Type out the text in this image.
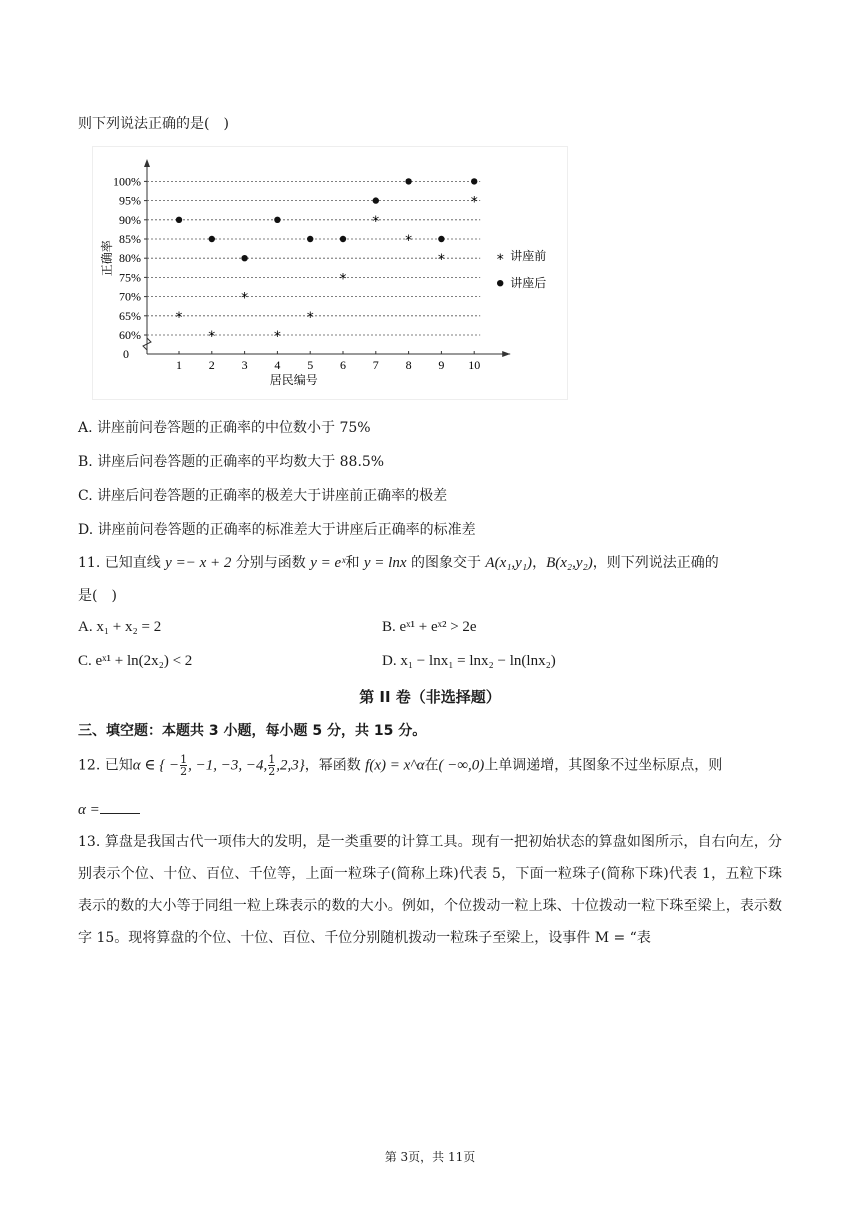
则下列说法正确的是(　)
0
60%
65%
70%
75%
80%
85%
90%
95%
100%
1 2 3 4 5 6 7 8 9 10
居民编号
正确率
*
*
*
*
*
*
*
*
*
*
* 讲座前
讲座后
A. 讲座前问卷答题的正确率的中位数小于 75%
B. 讲座后问卷答题的正确率的平均数大于 88.5%
C. 讲座后问卷答题的正确率的极差大于讲座前正确率的极差
D. 讲座前问卷答题的正确率的标准差大于讲座后正确率的标准差
11. 已知直线 y =− x + 2 分别与函数 y = eˣ和 y = lnx 的图象交于 A(x₁,y₁)，B(x₂,y₂)，则下列说法正确的
是(　)
A. x₁ + x₂ = 2	B. eˣ¹ + eˣ² > 2e
C. eˣ¹ + ln(2x₂) < 2	D. x₁ − lnx₁ = lnx₂ − ln(lnx₂)
第 II 卷（非选择题）
三、填空题：本题共 3 小题，每小题 5 分，共 15 分。
12. 已知α ∈ { − $\frac{1}{2}$ , −1, −3, −4, $\frac{1}{2} ,2,3$}，幂函数 f(x) = x^α在( −∞,0)上单调递增，其图象不过坐标原点，则
α =
13. 算盘是我国古代一项伟大的发明，是一类重要的计算工具。现有一把初始状态的算盘如图所示，自右向左，分别表示个位、十位、百位、千位等，上面一粒珠子(简称上珠)代表 5，下面一粒珠子(简称下珠)代表 1，五粒下珠表示的数的大小等于同组一粒上珠表示的数的大小。例如，个位拨动一粒上珠、十位拨动一粒下珠至梁上，表示数字 15。现将算盘的个位、十位、百位、千位分别随机拨动一粒珠子至梁上，设事件 M = “表
第 3页，共 11页
